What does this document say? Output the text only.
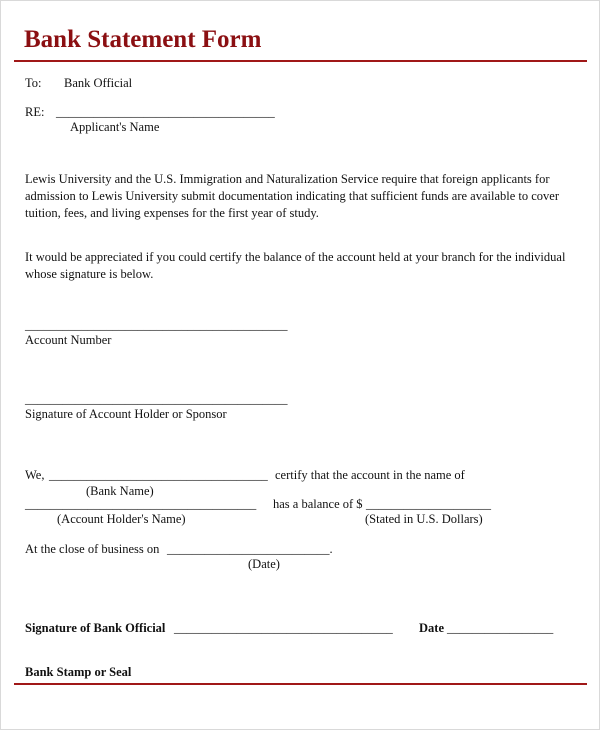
Bank Statement Form
To: Bank Official
RE: ___________________________________
Applicant's Name
Lewis University and the U.S. Immigration and Naturalization Service require that foreign applicants for admission to Lewis University submit documentation indicating that sufficient funds are available to cover tuition, fees, and living expenses for the first year of study.
It would be appreciated if you could certify the balance of the account held at your branch for the individual whose signature is below.
__________________________________________
Account Number
__________________________________________
Signature of Account Holder or Sponsor
We, ___________________________________ certify that the account in the name of
(Bank Name)
_____________________________________ has a balance of $ ____________________
(Account Holder's Name)	(Stated in U.S. Dollars)
At the close of business on __________________________.
(Date)
Signature of Bank Official ___________________________________ Date _________________
Bank Stamp or Seal
